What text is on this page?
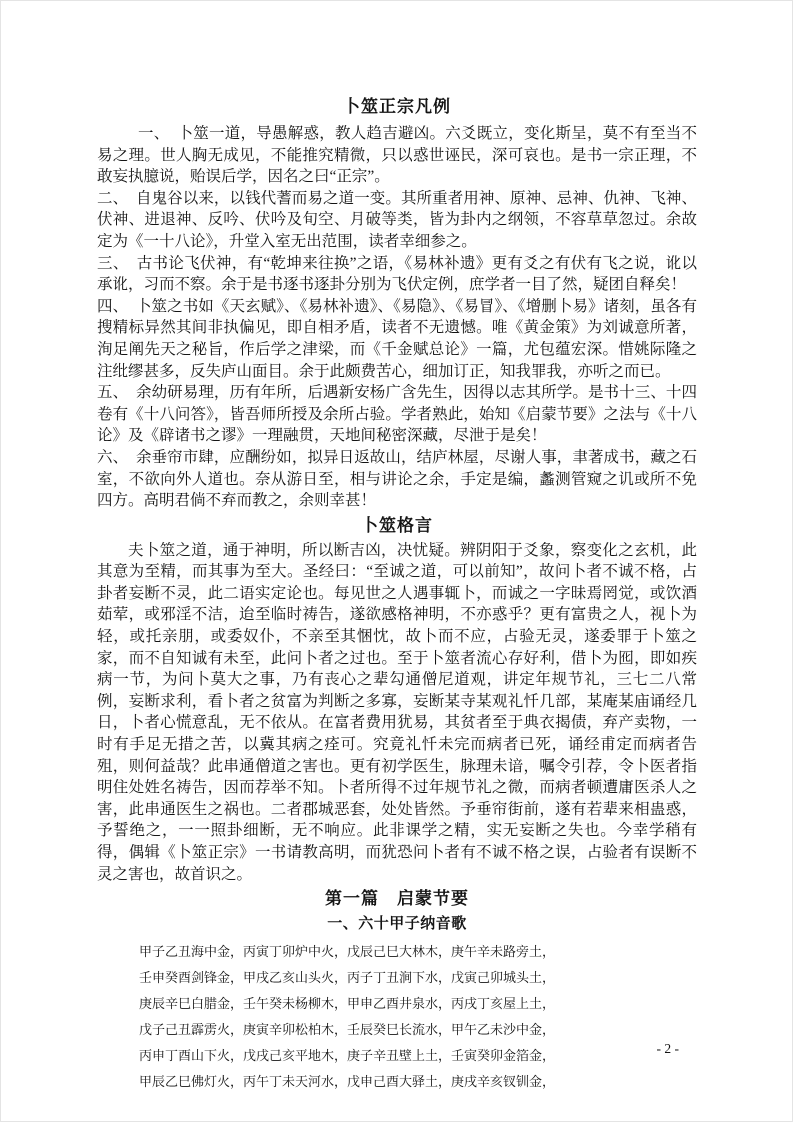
卜筮正宗凡例

一、　卜筮一道，导愚解惑，教人趋吉避凶。六爻既立，变化斯呈，莫不有至当不易之理。世人胸无成见，不能推究精微，只以惑世诬民，深可哀也。是书一宗正理，不敢妄执臆说，贻误后学，因名之曰“正宗”。

二、　自鬼谷以来，以钱代蓍而易之道一变。其所重者用神、原神、忌神、仇神、飞神、伏神、进退神、反吟、伏吟及旬空、月破等类，皆为卦内之纲领，不容草草忽过。余故定为《一十八论》，升堂入室无出范围，读者幸细参之。

三、　古书论飞伏神，有“乾坤来往换”之语，《易林补遗》更有爻之有伏有飞之说，讹以承讹，习而不察。余于是书逐书逐卦分别为飞伏定例，庶学者一目了然，疑团自释矣！

四、　卜筮之书如《天玄赋》、《易林补遗》、《易隐》、《易冒》、《增删卜易》诸刻，虽各有搜精标异然其间非执偏见，即自相矛盾，读者不无遗憾。唯《黄金策》为刘诚意所著，洵足阐先天之秘旨，作后学之津梁，而《千金赋总论》一篇，尤包蕴宏深。惜姚际隆之注纰缪甚多，反失庐山面目。余于此颇费苦心，细加订正，知我罪我，亦听之而已。

五、　余幼研易理，历有年所，后遇新安杨广含先生，因得以志其所学。是书十三、十四卷有《十八问答》，皆吾师所授及余所占验。学者熟此，始知《启蒙节要》之法与《十八论》及《辟诸书之谬》一理融贯，天地间秘密深藏，尽泄于是矣！

六、　余垂帘市肆，应酬纷如，拟异日返故山，结庐林屋，尽谢人事，聿著成书，藏之石室，不欲向外人道也。奈从游日至，相与讲论之余，手定是编，蠡测管窥之讥或所不免四方。高明君倘不弃而教之，余则幸甚！

卜筮格言

夫卜筮之道，通于神明，所以断吉凶，决忧疑。辨阴阳于爻象，察变化之玄机，此其意为至精，而其事为至大。圣经曰：“至诚之道，可以前知”，故问卜者不诚不格，占卦者妄断不灵，此二语实定论也。每见世之人遇事辄卜，而诚之一字昧焉罔觉，或饮酒茹荤，或邪淫不洁，迨至临时祷告，遂欲感格神明，不亦惑乎？更有富贵之人，视卜为轻，或托亲朋，或委奴仆，不亲至其悃忱，故卜而不应，占验无灵，遂委罪于卜筮之家，而不自知诚有未至，此问卜者之过也。至于卜筮者流心存好利，借卜为囮，即如疾病一节，为问卜莫大之事，乃有丧心之辈勾通僧尼道观，讲定年规节礼，三七二八常例，妄断求利，看卜者之贫富为判断之多寡，妄断某寺某观礼忏几部，某庵某庙诵经几日，卜者心慌意乱，无不依从。在富者费用犹易，其贫者至于典衣揭债，弃产卖物，一时有手足无措之苦，以冀其病之痊可。究竟礼忏未完而病者已死，诵经甫定而病者告殂，则何益哉？此串通僧道之害也。更有初学医生，脉理未谙，嘱令引荐，令卜医者指明住处姓名祷告，因而荐举不知。卜者所得不过年规节礼之微，而病者顿遭庸医杀人之害，此串通医生之祸也。二者郡城恶套，处处皆然。予垂帘街前，遂有若辈来相蛊惑，予誓绝之，一一照卦细断，无不响应。此非课学之精，实无妄断之失也。今幸学稍有得，偶辑《卜筮正宗》一书请教高明，而犹恐问卜者有不诚不格之误，占验者有误断不灵之害也，故首识之。

第一篇　启蒙节要
一、六十甲子纳音歌

甲子乙丑海中金，丙寅丁卯炉中火，戊辰己巳大林木，庚午辛未路旁土，

壬申癸酉剑锋金，甲戌乙亥山头火，丙子丁丑涧下水，戊寅己卯城头土，

庚辰辛巳白腊金，壬午癸未杨柳木，甲申乙酉井泉水，丙戌丁亥屋上土，

戊子己丑霹雳火，庚寅辛卯松柏木，壬辰癸巳长流水，甲午乙未沙中金，

丙申丁酉山下火，戊戌己亥平地木，庚子辛丑壁上土，壬寅癸卯金箔金，

甲辰乙巳佛灯火，丙午丁未天河水，戊申己酉大驿土，庚戌辛亥钗钏金，

- 2 -
